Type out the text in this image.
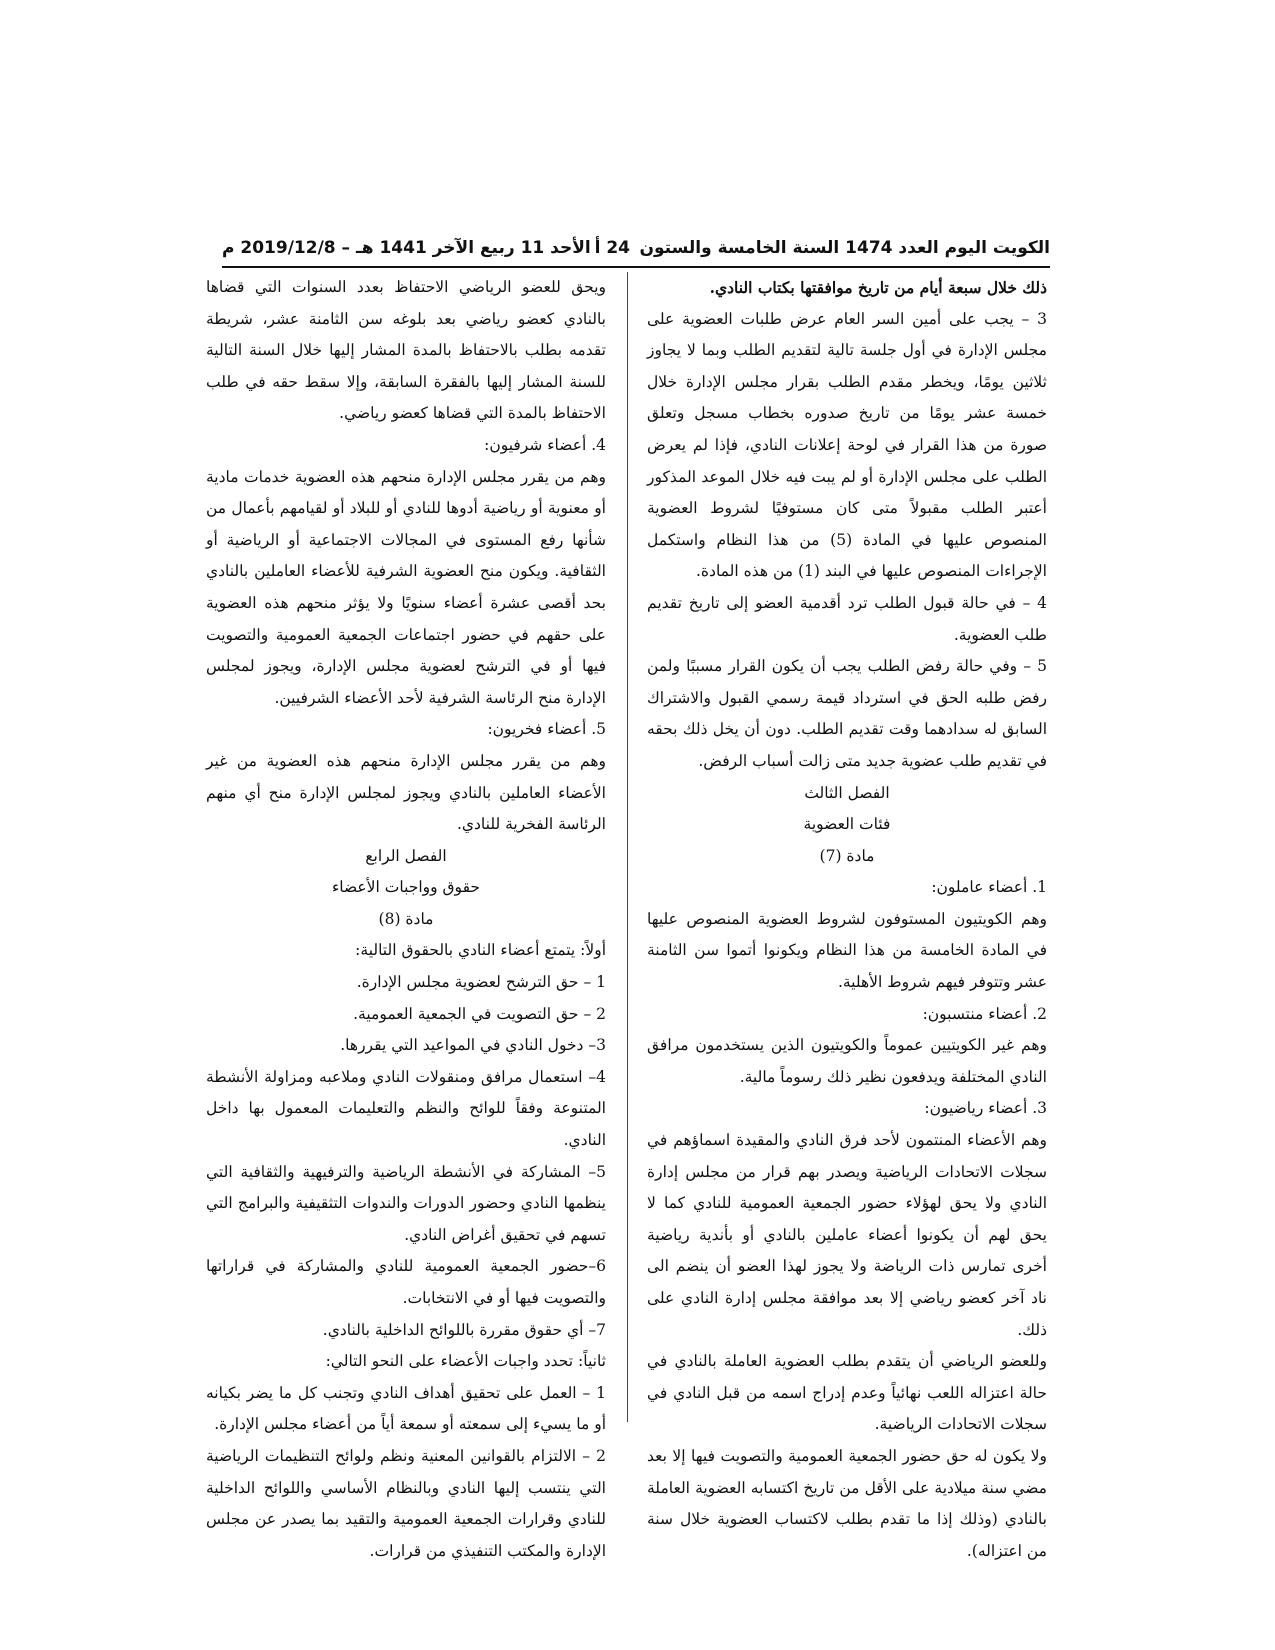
الكويت اليوم العدد 1474 السنة الخامسة والستون
24 أ
الأحد 11 ربيع الآخر 1441 هـ – 2019/12/8 م

ذلك خلال سبعة أيام من تاريخ موافقتها بكتاب النادي.

3 – يجب على أمين السر العام عرض طلبات العضوية على مجلس الإدارة في أول جلسة تالية لتقديم الطلب وبما لا يجاوز ثلاثين يومًا، ويخطر مقدم الطلب بقرار مجلس الإدارة خلال خمسة عشر يومًا من تاريخ صدوره بخطاب مسجل وتعلق صورة من هذا القرار في لوحة إعلانات النادي، فإذا لم يعرض الطلب على مجلس الإدارة أو لم يبت فيه خلال الموعد المذكور أعتبر الطلب مقبولاً متى كان مستوفيًا لشروط العضوية المنصوص عليها في المادة (5) من هذا النظام واستكمل الإجراءات المنصوص عليها في البند (1) من هذه المادة.

4 – في حالة قبول الطلب ترد أقدمية العضو إلى تاريخ تقديم طلب العضوية.

5 – وفي حالة رفض الطلب يجب أن يكون القرار مسببًا ولمن رفض طلبه الحق في استرداد قيمة رسمي القبول والاشتراك السابق له سدادهما وقت تقديم الطلب. دون أن يخل ذلك بحقه في تقديم طلب عضوية جديد متى زالت أسباب الرفض.

الفصل الثالث

فئات العضوية

مادة (7)

1. أعضاء عاملون:

وهم الكويتيون المستوفون لشروط العضوية المنصوص عليها في المادة الخامسة من هذا النظام ويكونوا أتموا سن الثامنة عشر وتتوفر فيهم شروط الأهلية.

2. أعضاء منتسبون:

وهم غير الكويتيين عموماً والكويتيون الذين يستخدمون مرافق النادي المختلفة ويدفعون نظير ذلك رسوماً مالية.

3. أعضاء رياضيون:

وهم الأعضاء المنتمون لأحد فرق النادي والمقيدة اسماؤهم في سجلات الاتحادات الرياضية ويصدر بهم قرار من مجلس إدارة النادي ولا يحق لهؤلاء حضور الجمعية العمومية للنادي كما لا يحق لهم أن يكونوا أعضاء عاملين بالنادي أو بأندية رياضية أخرى تمارس ذات الرياضة ولا يجوز لهذا العضو أن ينضم الى ناد آخر كعضو رياضي إلا بعد موافقة مجلس إدارة النادي على ذلك.

وللعضو الرياضي أن يتقدم بطلب العضوية العاملة بالنادي في حالة اعتزاله اللعب نهائياً وعدم إدراج اسمه من قبل النادي في سجلات الاتحادات الرياضية.

ولا يكون له حق حضور الجمعية العمومية والتصويت فيها إلا بعد مضي سنة ميلادية على الأقل من تاريخ اكتسابه العضوية العاملة بالنادي (وذلك إذا ما تقدم بطلب لاكتساب العضوية خلال سنة من اعتزاله).

ويحق للعضو الرياضي الاحتفاظ بعدد السنوات التي قضاها بالنادي كعضو رياضي بعد بلوغه سن الثامنة عشر، شريطة تقدمه بطلب بالاحتفاظ بالمدة المشار إليها خلال السنة التالية للسنة المشار إليها بالفقرة السابقة، وإلا سقط حقه في طلب الاحتفاظ بالمدة التي قضاها كعضو رياضي.

4. أعضاء شرفيون:

وهم من يقرر مجلس الإدارة منحهم هذه العضوية خدمات مادية أو معنوية أو رياضية أدوها للنادي أو للبلاد أو لقيامهم بأعمال من شأنها رفع المستوى في المجالات الاجتماعية أو الرياضية أو الثقافية. ويكون منح العضوية الشرفية للأعضاء العاملين بالنادي بحد أقصى عشرة أعضاء سنويًا ولا يؤثر منحهم هذه العضوية على حقهم في حضور اجتماعات الجمعية العمومية والتصويت فيها أو في الترشح لعضوية مجلس الإدارة، ويجوز لمجلس الإدارة منح الرئاسة الشرفية لأحد الأعضاء الشرفيين.

5. أعضاء فخريون:

وهم من يقرر مجلس الإدارة منحهم هذه العضوية من غير الأعضاء العاملين بالنادي ويجوز لمجلس الإدارة منح أي منهم الرئاسة الفخرية للنادي.

الفصل الرابع

حقوق وواجبات الأعضاء

مادة (8)

أولاً: يتمتع أعضاء النادي بالحقوق التالية:

1 – حق الترشح لعضوية مجلس الإدارة.

2 – حق التصويت في الجمعية العمومية.

3– دخول النادي في المواعيد التي يقررها.

4– استعمال مرافق ومنقولات النادي وملاعبه ومزاولة الأنشطة المتنوعة وفقاً للوائح والنظم والتعليمات المعمول بها داخل النادي.

5– المشاركة في الأنشطة الرياضية والترفيهية والثقافية التي ينظمها النادي وحضور الدورات والندوات التثقيفية والبرامج التي تسهم في تحقيق أغراض النادي.

6–حضور الجمعية العمومية للنادي والمشاركة في قراراتها والتصويت فيها أو في الانتخابات.

7– أي حقوق مقررة باللوائح الداخلية بالنادي.

ثانياً: تحدد واجبات الأعضاء على النحو التالي:

1 – العمل على تحقيق أهداف النادي وتجنب كل ما يضر بكيانه أو ما يسيء إلى سمعته أو سمعة أياً من أعضاء مجلس الإدارة.

2 – الالتزام بالقوانين المعنية ونظم ولوائح التنظيمات الرياضية التي ينتسب إليها النادي وبالنظام الأساسي واللوائح الداخلية للنادي وقرارات الجمعية العمومية والتقيد بما يصدر عن مجلس الإدارة والمكتب التنفيذي من قرارات.
